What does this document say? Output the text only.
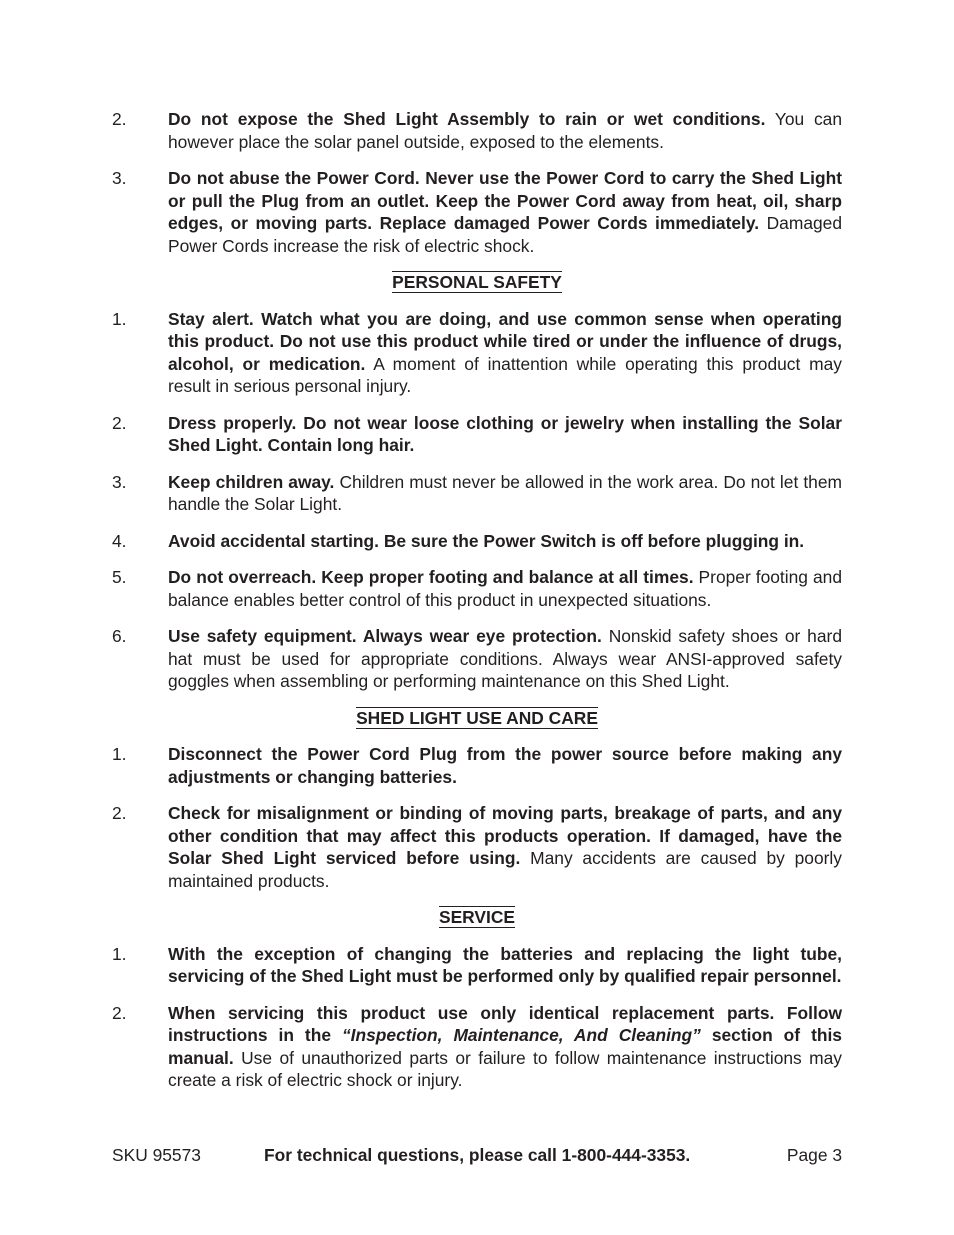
2.	Do not expose the Shed Light Assembly to rain or wet conditions. You can however place the solar panel outside, exposed to the elements.
3.	Do not abuse the Power Cord. Never use the Power Cord to carry the Shed Light or pull the Plug from an outlet. Keep the Power Cord away from heat, oil, sharp edges, or moving parts. Replace damaged Power Cords immediately. Damaged Power Cords increase the risk of electric shock.
PERSONAL SAFETY
1.	Stay alert. Watch what you are doing, and use common sense when operating this product. Do not use this product while tired or under the influence of drugs, alcohol, or medication. A moment of inattention while operating this product may result in serious personal injury.
2.	Dress properly. Do not wear loose clothing or jewelry when installing the Solar Shed Light. Contain long hair.
3.	Keep children away. Children must never be allowed in the work area. Do not let them handle the Solar Light.
4.	Avoid accidental starting. Be sure the Power Switch is off before plugging in.
5.	Do not overreach. Keep proper footing and balance at all times. Proper footing and balance enables better control of this product in unexpected situations.
6.	Use safety equipment. Always wear eye protection. Nonskid safety shoes or hard hat must be used for appropriate conditions. Always wear ANSI-approved safety goggles when assembling or performing maintenance on this Shed Light.
SHED LIGHT USE AND CARE
1.	Disconnect the Power Cord Plug from the power source before making any adjustments or changing batteries.
2.	Check for misalignment or binding of moving parts, breakage of parts, and any other condition that may affect this products operation. If damaged, have the Solar Shed Light serviced before using. Many accidents are caused by poorly maintained products.
SERVICE
1.	With the exception of changing the batteries and replacing the light tube, servicing of the Shed Light must be performed only by qualified repair personnel.
2.	When servicing this product use only identical replacement parts. Follow instructions in the “Inspection, Maintenance, And Cleaning” section of this manual. Use of unauthorized parts or failure to follow maintenance instructions may create a risk of electric shock or injury.
SKU 95573	For technical questions, please call 1-800-444-3353.	Page 3
